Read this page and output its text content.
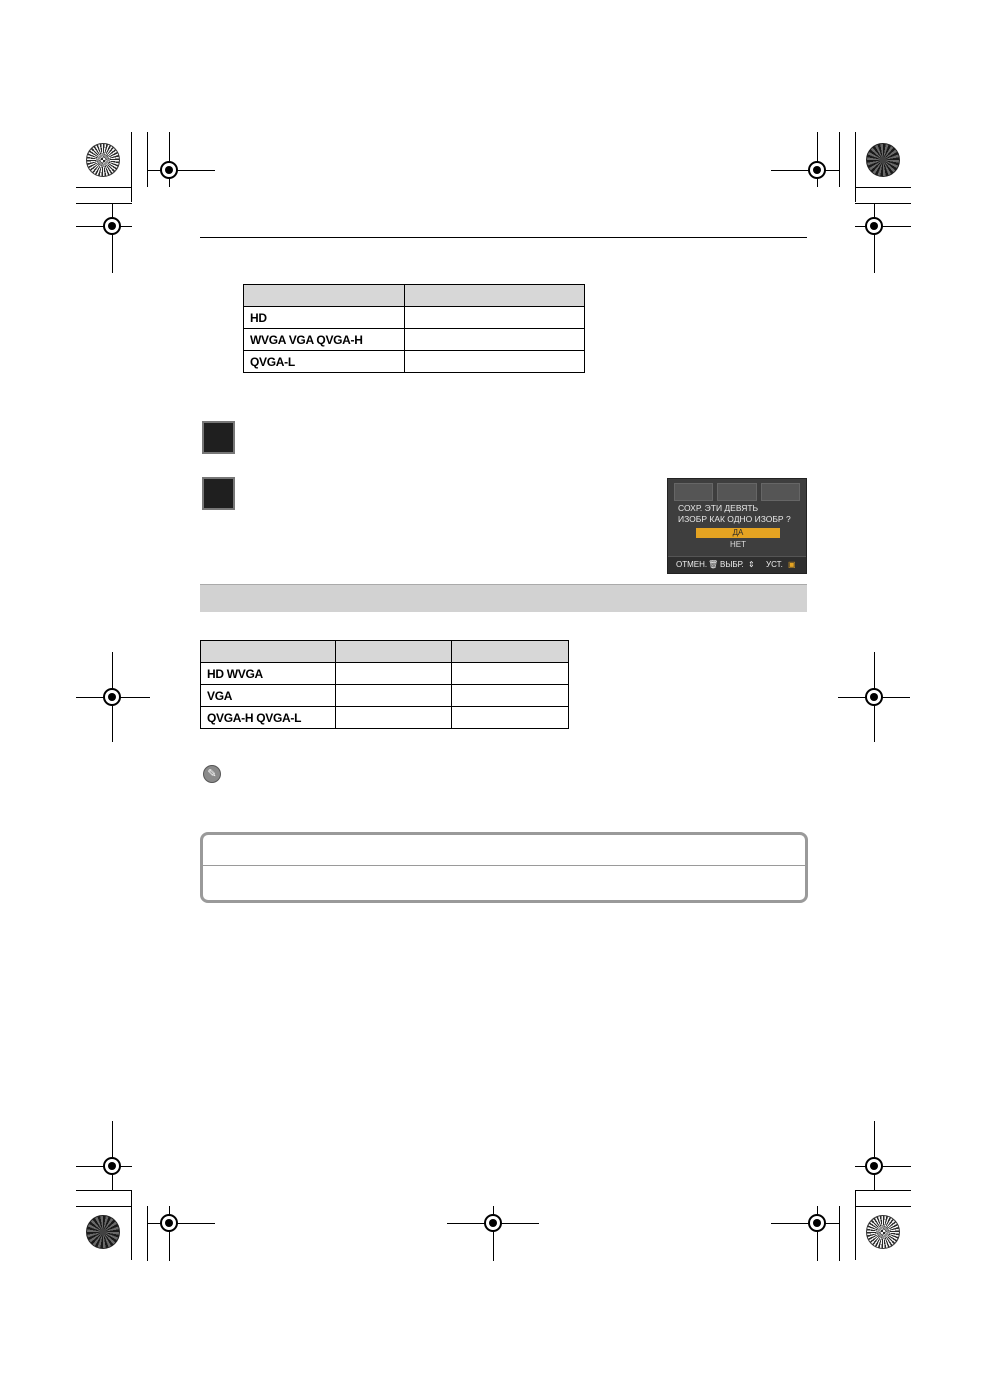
HD	
WVGA VGA QVGA-H	
QVGA-L	
СОХР. ЭТИ ДЕВЯТЬ
ИЗОБР КАК ОДНО ИЗОБР ?
ДА
НЕТ
ОТМЕН. 🗑 ВЫБР. ⇕ УСТ. ▣

HD WVGA		
VGA		
QVGA-H QVGA-L		
✎
